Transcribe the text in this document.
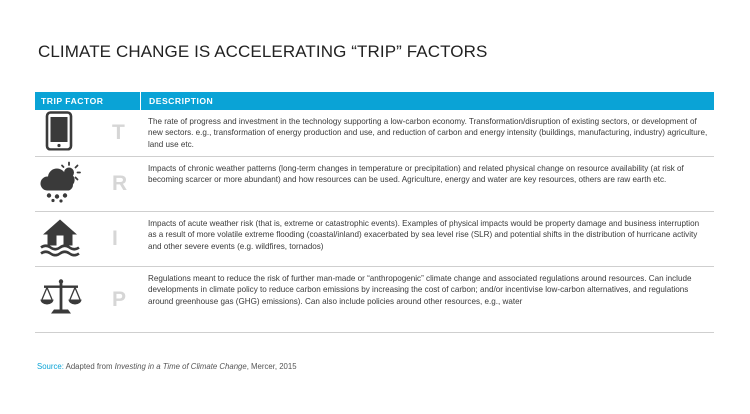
CLIMATE CHANGE IS ACCELERATING “TRIP” FACTORS
TRIP FACTOR	DESCRIPTION
T	The rate of progress and investment in the technology supporting a low-carbon economy. Transformation/disruption of existing sectors, or development of new sectors. e.g., transformation of energy production and use, and reduction of carbon and energy intensity (buildings, manufacturing, industry) agriculture, land use etc.
R
Impacts of chronic weather patterns (long-term changes in temperature or precipitation) and related physical change on resource availability (at risk of becoming scarcer or more abundant) and how resources can be used. Agriculture, energy and water are key resources, others are raw earth etc.
I
Impacts of acute weather risk (that is, extreme or catastrophic events). Examples of physical impacts would be property damage and business interruption as a result of more volatile extreme flooding (coastal/inland) exacerbated by sea level rise (SLR) and potential shifts in the distribution of hurricane activity and other severe events (e.g. wildfires, tornados)
P
Regulations meant to reduce the risk of further man-made or “anthropogenic” climate change and associated regulations around resources. Can include developments in climate policy to reduce carbon emissions by increasing the cost of carbon; and/or incentivise low-carbon alternatives, and regulations around greenhouse gas (GHG) emissions). Can also include policies around other resources, e.g., water
Source: Adapted from Investing in a Time of Climate Change, Mercer, 2015
